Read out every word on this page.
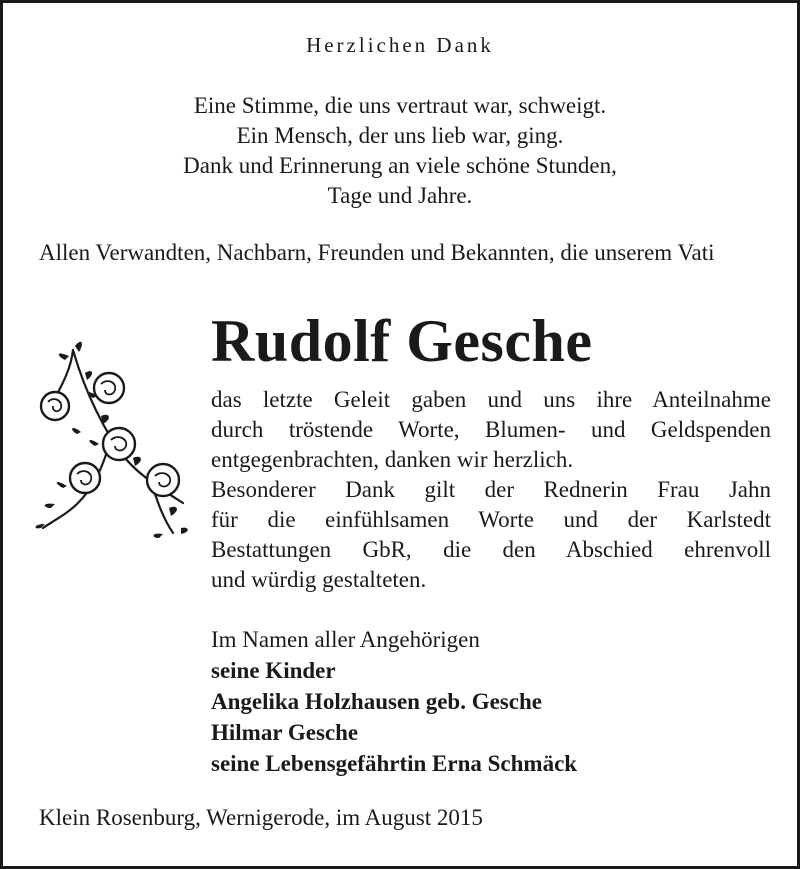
Herzlichen Dank
Eine Stimme, die uns vertraut war, schweigt.
Ein Mensch, der uns lieb war, ging.
Dank und Erinnerung an viele schöne Stunden,
Tage und Jahre.
Allen Verwandten, Nachbarn, Freunden und Bekannten, die unserem Vati
Rudolf Gesche
das letzte Geleit gaben und uns ihre Anteilnahme
durch tröstende Worte, Blumen- und Geldspenden
entgegenbrachten, danken wir herzlich.
Besonderer Dank gilt der Rednerin Frau Jahn
für die einfühlsamen Worte und der Karlstedt
Bestattungen GbR, die den Abschied ehrenvoll
und würdig gestalteten.
Im Namen aller Angehörigen
seine Kinder
Angelika Holzhausen geb. Gesche
Hilmar Gesche
seine Lebensgefährtin Erna Schmäck
Klein Rosenburg, Wernigerode, im August 2015
